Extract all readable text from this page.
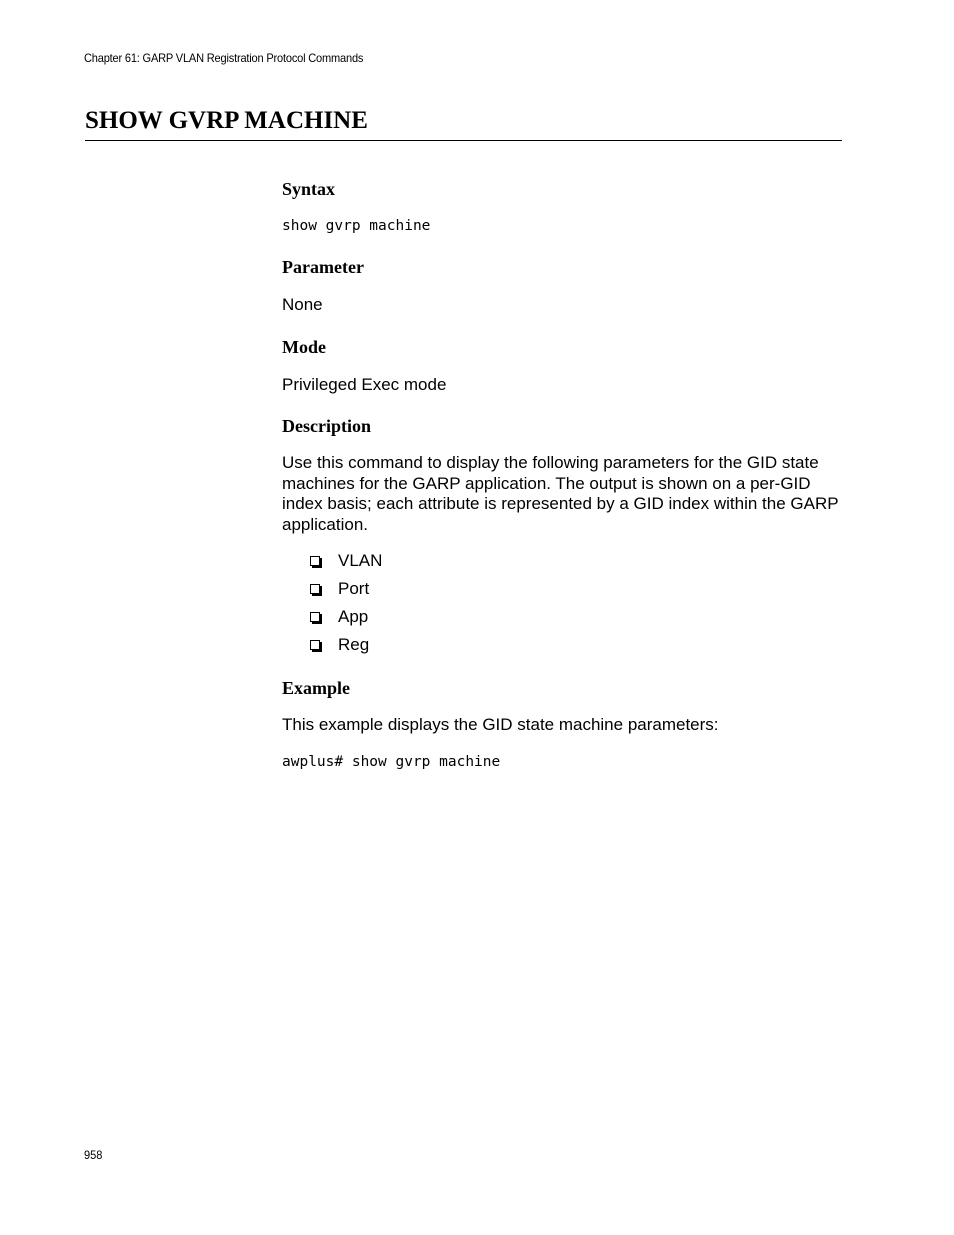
Chapter 61: GARP VLAN Registration Protocol Commands
SHOW GVRP MACHINE
Syntax

show gvrp machine

Parameter

None

Mode

Privileged Exec mode

Description

Use this command to display the following parameters for the GID state machines for the GARP application. The output is shown on a per-GID index basis; each attribute is represented by a GID index within the GARP application.

VLAN
Port
App
Reg
Example

This example displays the GID state machine parameters:

awplus# show gvrp machine

958
